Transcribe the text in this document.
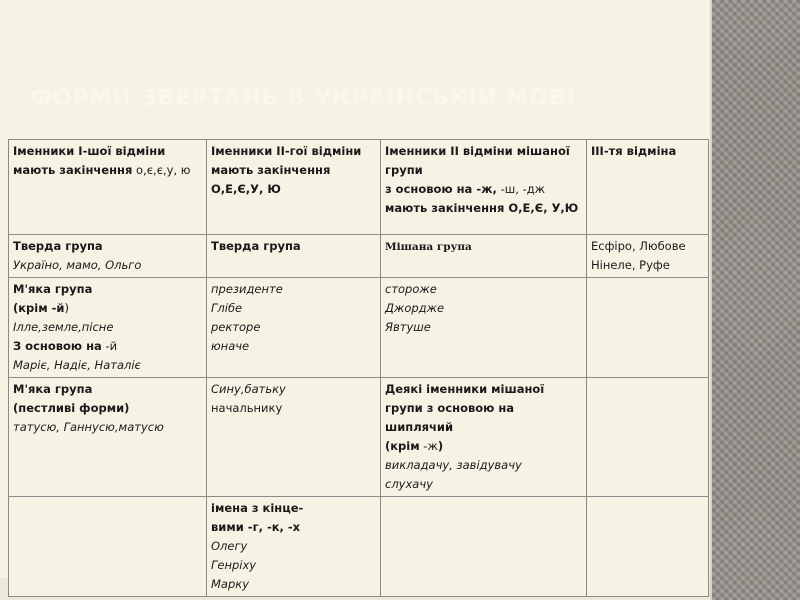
ФОРМИ ЗВЕРТАНЬ В УКРАЇНСЬКІЙ МОВІ
Іменники І-шої відміни мають закінчення о,є,є,у, ю	Іменники ІІ-гої відміни мають закінчення О,Е,Є,У, Ю	Іменники ІІ відміни мішаної групи
з основою на -ж, -ш, -дж
мають закінчення О,Е,Є, У,Ю	ІІІ-тя відміна

Тверда група
Україно, мамо, Ольго	Тверда група	Мішана група	Есфіро, Любове Нінеле, Руфе

М'яка група
(крім -й)
Ілле,земле,пісне
З основою на -й
Маріє, Надіє, Наталіє	президенте
Глібе
ректоре
юначе	стороже
Джордже
Явтуше	

М'яка група
(пестливі форми)
татусю, Ганнусю,матусю	Сину,батьку
начальнику	Деякі іменники мішаної групи з основою на шиплячий
(крім -ж)
викладачу, завідувачу
слухачу	

	імена з кінце-
вими -г, -к, -х
Олегу
Генріху
Марку		
